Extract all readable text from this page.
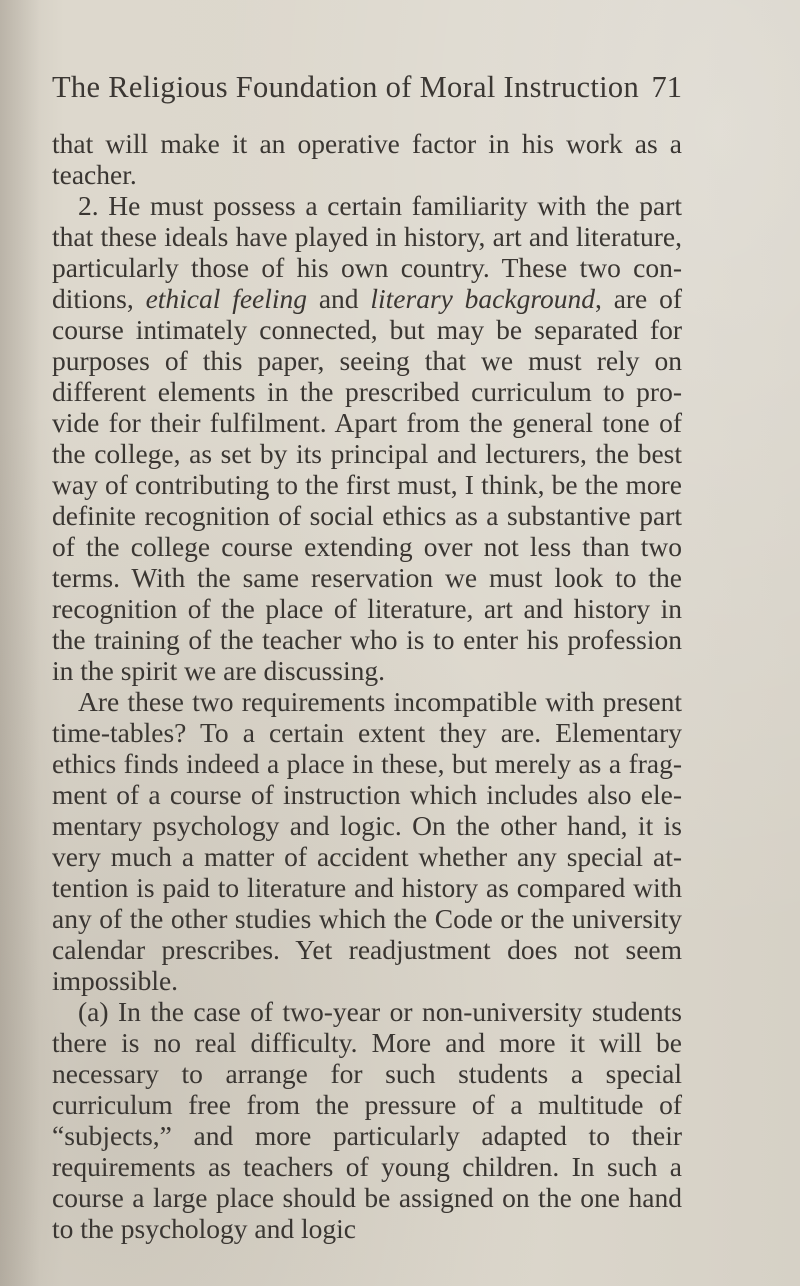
The Religious Foundation of Moral Instruction 71

that will make it an operative factor in his work as a teacher.

2. He must possess a certain familiarity with the part that these ideals have played in history, art and literature, particularly those of his own country. These two con- ditions, ethical feeling and literary background, are of course intimately connected, but may be separated for purposes of this paper, seeing that we must rely on different elements in the prescribed curriculum to pro- vide for their fulfilment. Apart from the general tone of the college, as set by its principal and lecturers, the best way of contributing to the first must, I think, be the more definite recognition of social ethics as a substantive part of the college course extending over not less than two terms. With the same reservation we must look to the recognition of the place of literature, art and history in the training of the teacher who is to enter his profession in the spirit we are discussing.

Are these two requirements incompatible with present time-tables? To a certain extent they are. Elementary ethics finds indeed a place in these, but merely as a frag- ment of a course of instruction which includes also ele- mentary psychology and logic. On the other hand, it is very much a matter of accident whether any special at- tention is paid to literature and history as compared with any of the other studies which the Code or the university calendar prescribes. Yet readjustment does not seem impossible.

(a) In the case of two-year or non-university students there is no real difficulty. More and more it will be necessary to arrange for such students a special curriculum free from the pressure of a multitude of “subjects,” and more particularly adapted to their requirements as teachers of young children. In such a course a large place should be assigned on the one hand to the psychology and logic
